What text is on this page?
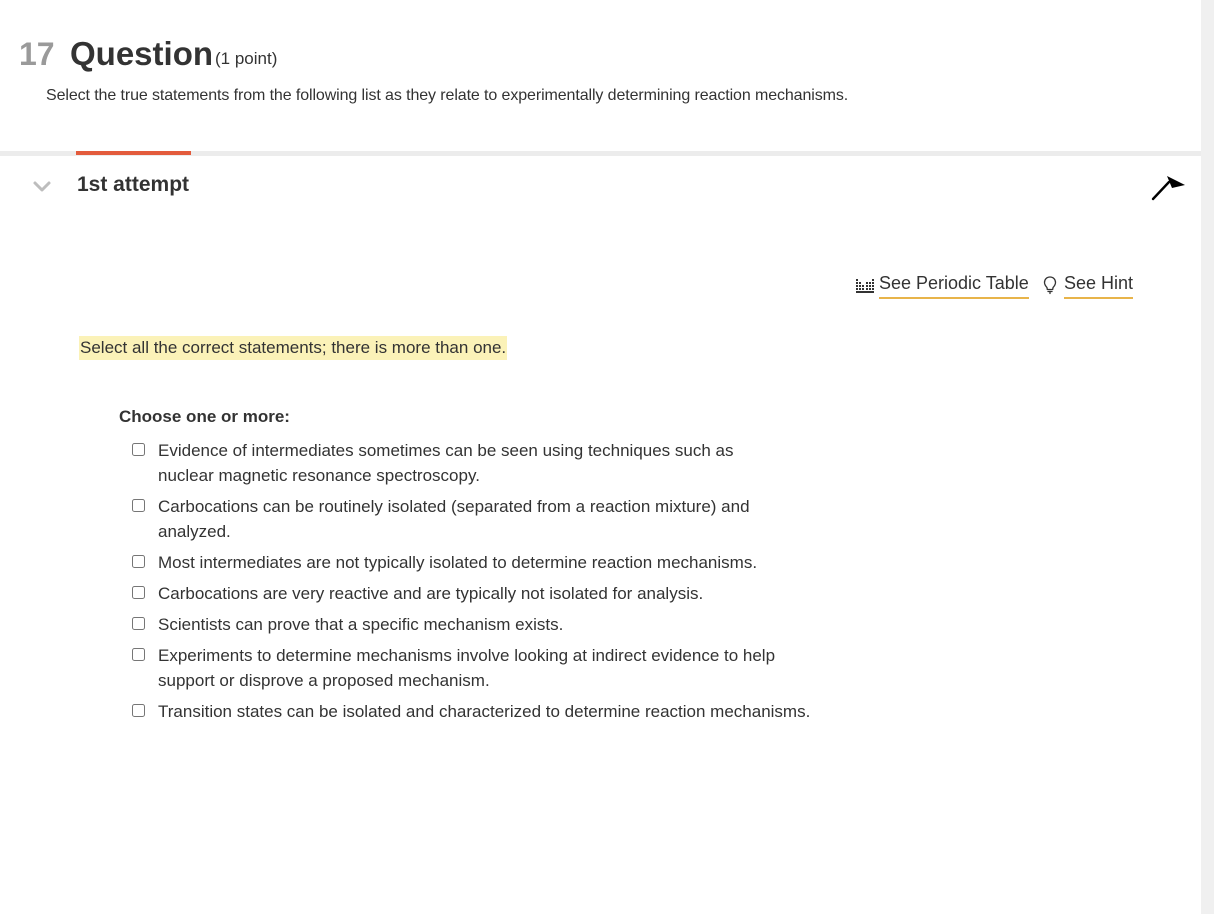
17 Question (1 point)
Select the true statements from the following list as they relate to experimentally determining reaction mechanisms.
1st attempt
See Periodic Table See Hint
Select all the correct statements; there is more than one.
Choose one or more:
Evidence of intermediates sometimes can be seen using techniques such as nuclear magnetic resonance spectroscopy.
Carbocations can be routinely isolated (separated from a reaction mixture) and analyzed.
Most intermediates are not typically isolated to determine reaction mechanisms.
Carbocations are very reactive and are typically not isolated for analysis.
Scientists can prove that a specific mechanism exists.
Experiments to determine mechanisms involve looking at indirect evidence to help support or disprove a proposed mechanism.
Transition states can be isolated and characterized to determine reaction mechanisms.
